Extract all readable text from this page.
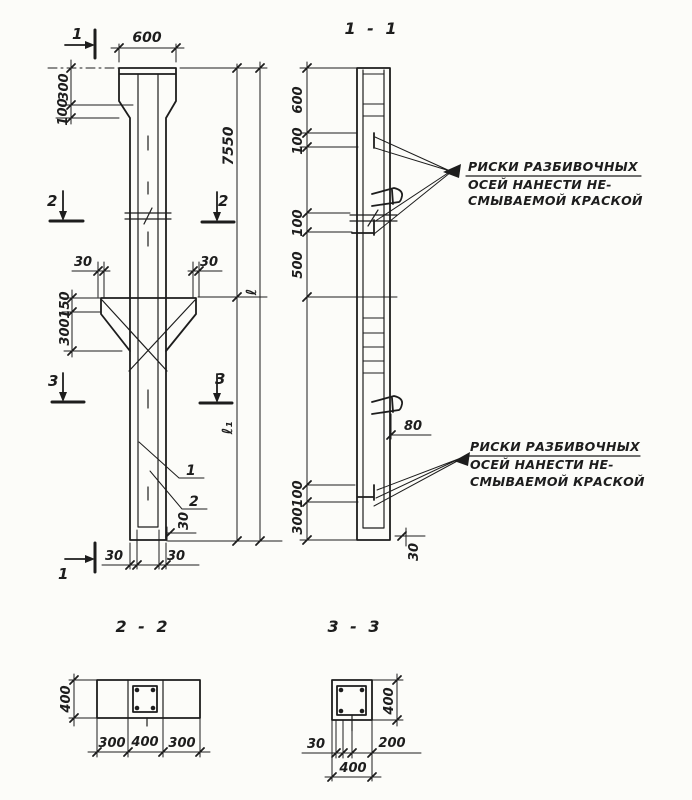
600
300
100
30	30
150
300
1
1
2	2
3	3
1
2
30
30	30
7550
ℓ
ℓ₁
1 - 1
80
600
100
100
500
100
300
30
РИСКИ РАЗБИВОЧНЫХ
ОСЕЙ НАНЕСТИ НЕ-
СМЫВАЕМОЙ КРАСКОЙ
РИСКИ РАЗБИВОЧНЫХ
ОСЕЙ НАНЕСТИ НЕ-
СМЫВАЕМОЙ КРАСКОЙ
2 - 2
400
300 400 300
3 - 3
400
30	200
400
